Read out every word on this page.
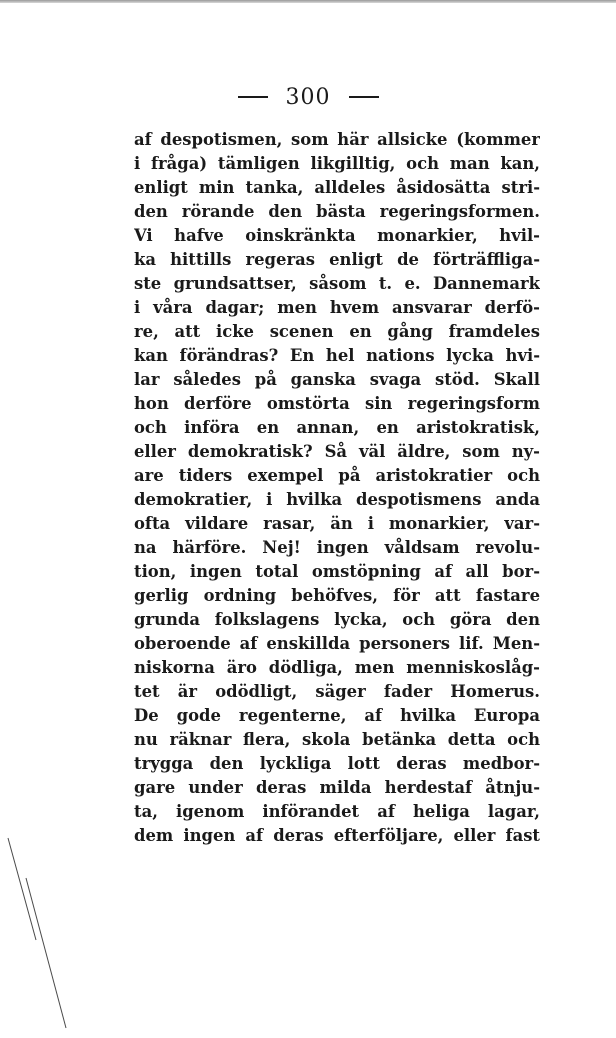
300
af despotismen, som här allsicke (kommer
i fråga) tämligen likgilltig, och man kan,
enligt min tanka, alldeles åsidosätta stri-
den rörande den bästa regeringsformen.
Vi hafve oinskränkta monarkier, hvil-
ka hittills regeras enligt de förträffliga-
ste grundsattser, såsom t. e. Dannemark
i våra dagar; men hvem ansvarar derfö-
re, att icke scenen en gång framdeles
kan förändras? En hel nations lycka hvi-
lar således på ganska svaga stöd. Skall
hon derföre omstörta sin regeringsform
och införa en annan, en aristokratisk,
eller demokratisk? Så väl äldre, som ny-
are tiders exempel på aristokratier och
demokratier, i hvilka despotismens anda
ofta vildare rasar, än i monarkier, var-
na härföre. Nej! ingen våldsam revolu-
tion, ingen total omstöpning af all bor-
gerlig ordning behöfves, för att fastare
grunda folkslagens lycka, och göra den
oberoende af enskillda personers lif. Men-
niskorna äro dödliga, men menniskoslåg-
tet är odödligt, säger fader Homerus.
De gode regenterne, af hvilka Europa
nu räknar flera, skola betänka detta och
trygga den lyckliga lott deras medbor-
gare under deras milda herdestaf åtnju-
ta, igenom införandet af heliga lagar,
dem ingen af deras efterföljare, eller fast
